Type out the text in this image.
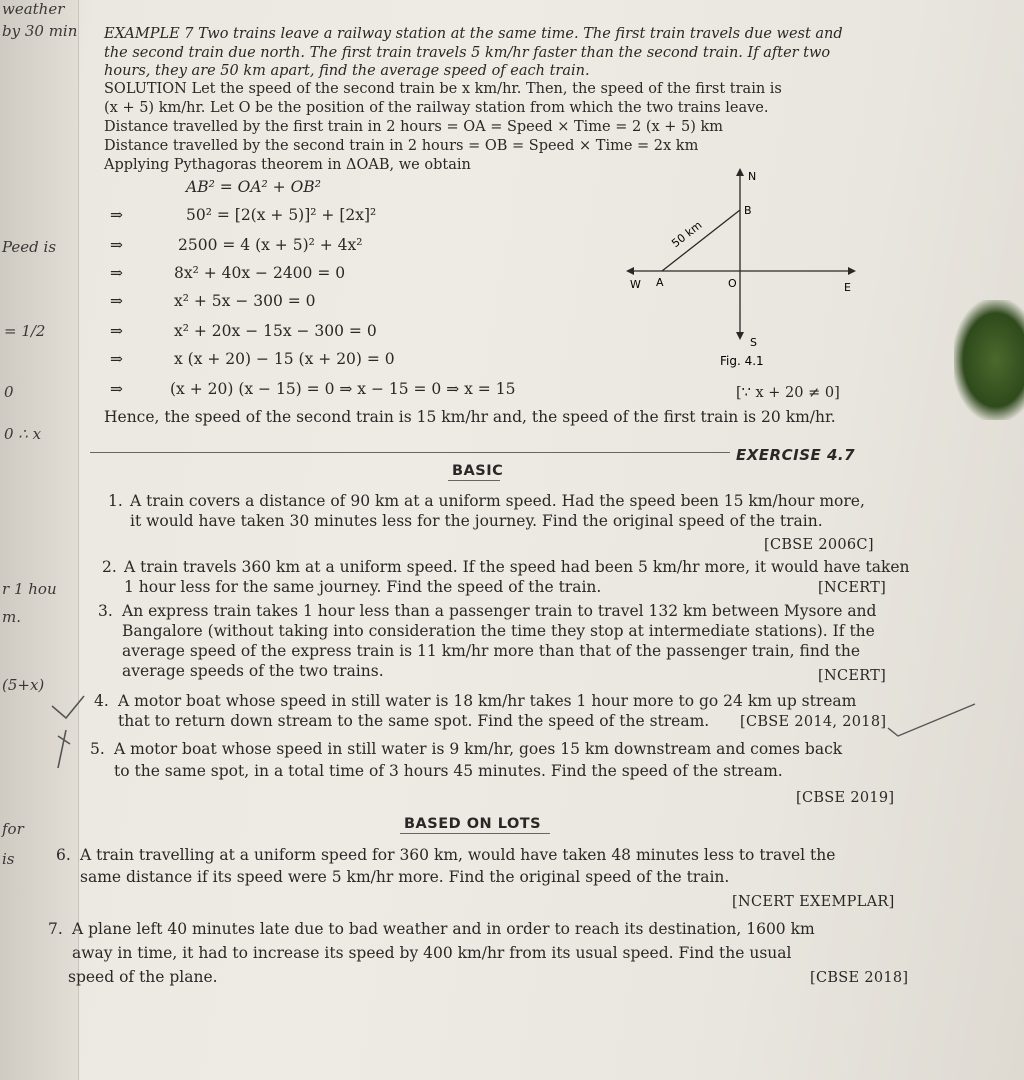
weather
by 30 min
Peed is
= 1/2
0
0 ∴ x
r 1 hou
m.
(5+x)
for
is
EXAMPLE 7 Two trains leave a railway station at the same time. The first train travels due west and
the second train due north. The first train travels 5 km/hr faster than the second train. If after two
hours, they are 50 km apart, find the average speed of each train.
SOLUTION Let the speed of the second train be x km/hr. Then, the speed of the first train is
(x + 5) km/hr. Let O be the position of the railway station from which the two trains leave.
Distance travelled by the first train in 2 hours = OA = Speed × Time = 2 (x + 5) km
Distance travelled by the second train in 2 hours = OB = Speed × Time = 2x km
Applying Pythagoras theorem in ΔOAB, we obtain
AB² = OA² + OB²
⇒	50² = [2(x + 5)]² + [2x]²
⇒	2500 = 4 (x + 5)² + 4x²
⇒	8x² + 40x − 2400 = 0
⇒	x² + 5x − 300 = 0
⇒	x² + 20x − 15x − 300 = 0
⇒	x (x + 20) − 15 (x + 20) = 0
⇒	(x + 20) (x − 15) = 0 ⇒ x − 15 = 0 ⇒ x = 15	[∵ x + 20 ≠ 0]
Hence, the speed of the second train is 15 km/hr and, the speed of the first train is 20 km/hr.
N
S
W	E
A	O
B
50 km
Fig. 4.1
EXERCISE 4.7
BASIC
1. A train covers a distance of 90 km at a uniform speed. Had the speed been 15 km/hour more,
it would have taken 30 minutes less for the journey. Find the original speed of the train.
[CBSE 2006C]
2. A train travels 360 km at a uniform speed. If the speed had been 5 km/hr more, it would have taken
1 hour less for the same journey. Find the speed of the train.	[NCERT]
3. An express train takes 1 hour less than a passenger train to travel 132 km between Mysore and
Bangalore (without taking into consideration the time they stop at intermediate stations). If the
average speed of the express train is 11 km/hr more than that of the passenger train, find the
average speeds of the two trains.	[NCERT]
4. A motor boat whose speed in still water is 18 km/hr takes 1 hour more to go 24 km up stream
that to return down stream to the same spot. Find the speed of the stream. [CBSE 2014, 2018]
5. A motor boat whose speed in still water is 9 km/hr, goes 15 km downstream and comes back
to the same spot, in a total time of 3 hours 45 minutes. Find the speed of the stream.
[CBSE 2019]
BASED ON LOTS
6. A train travelling at a uniform speed for 360 km, would have taken 48 minutes less to travel the
same distance if its speed were 5 km/hr more. Find the original speed of the train.
[NCERT EXEMPLAR]
7. A plane left 40 minutes late due to bad weather and in order to reach its destination, 1600 km
away in time, it had to increase its speed by 400 km/hr from its usual speed. Find the usual
speed of the plane.	[CBSE 2018]
